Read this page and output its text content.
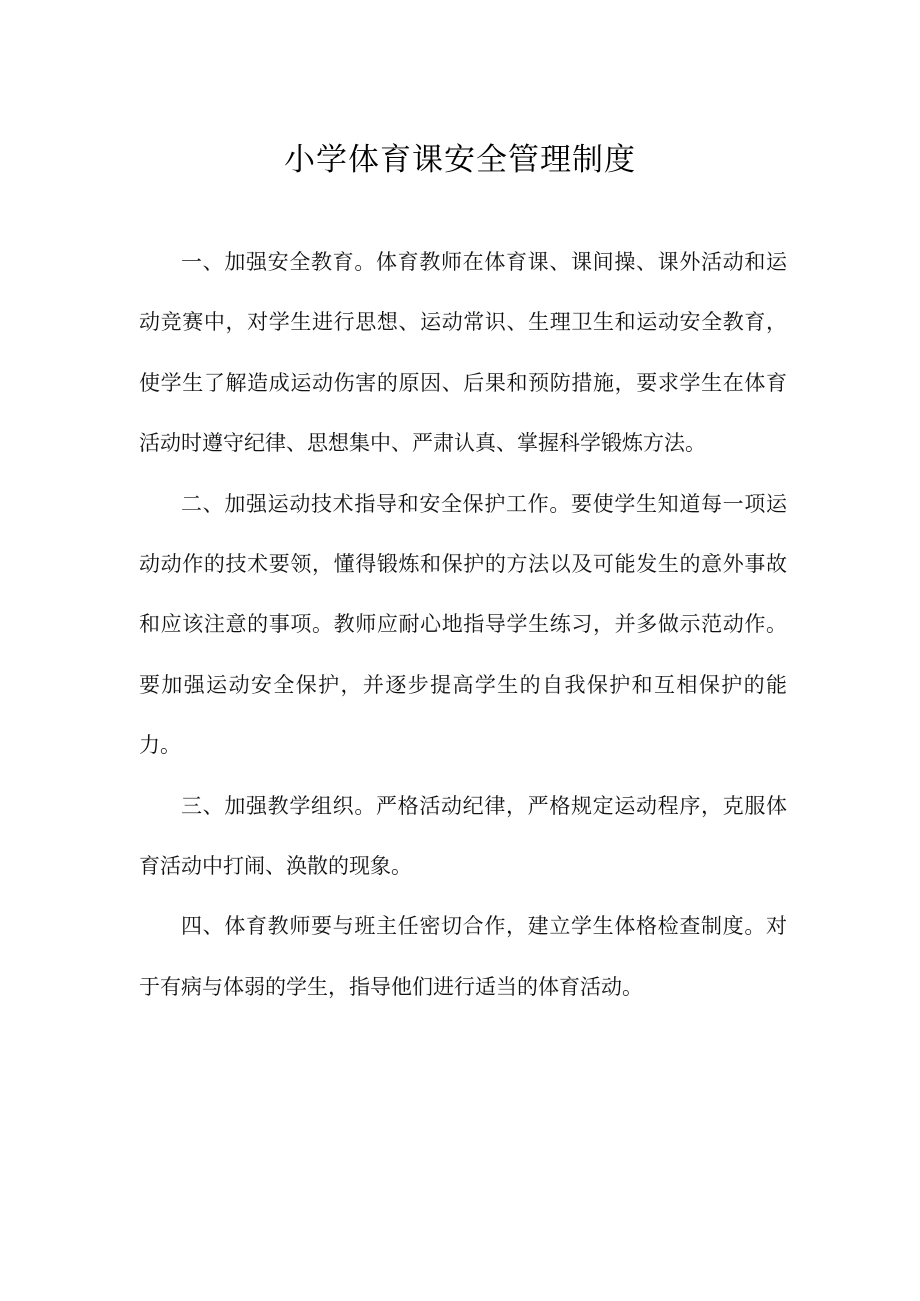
小学体育课安全管理制度

一、加强安全教育。体育教师在体育课、课间操、课外活动和运动竞赛中，对学生进行思想、运动常识、生理卫生和运动安全教育，使学生了解造成运动伤害的原因、后果和预防措施，要求学生在体育活动时遵守纪律、思想集中、严肃认真、掌握科学锻炼方法。

二、加强运动技术指导和安全保护工作。要使学生知道每一项运动动作的技术要领，懂得锻炼和保护的方法以及可能发生的意外事故和应该注意的事项。教师应耐心地指导学生练习，并多做示范动作。要加强运动安全保护，并逐步提高学生的自我保护和互相保护的能力。

三、加强教学组织。严格活动纪律，严格规定运动程序，克服体育活动中打闹、涣散的现象。

四、体育教师要与班主任密切合作，建立学生体格检查制度。对于有病与体弱的学生，指导他们进行适当的体育活动。
